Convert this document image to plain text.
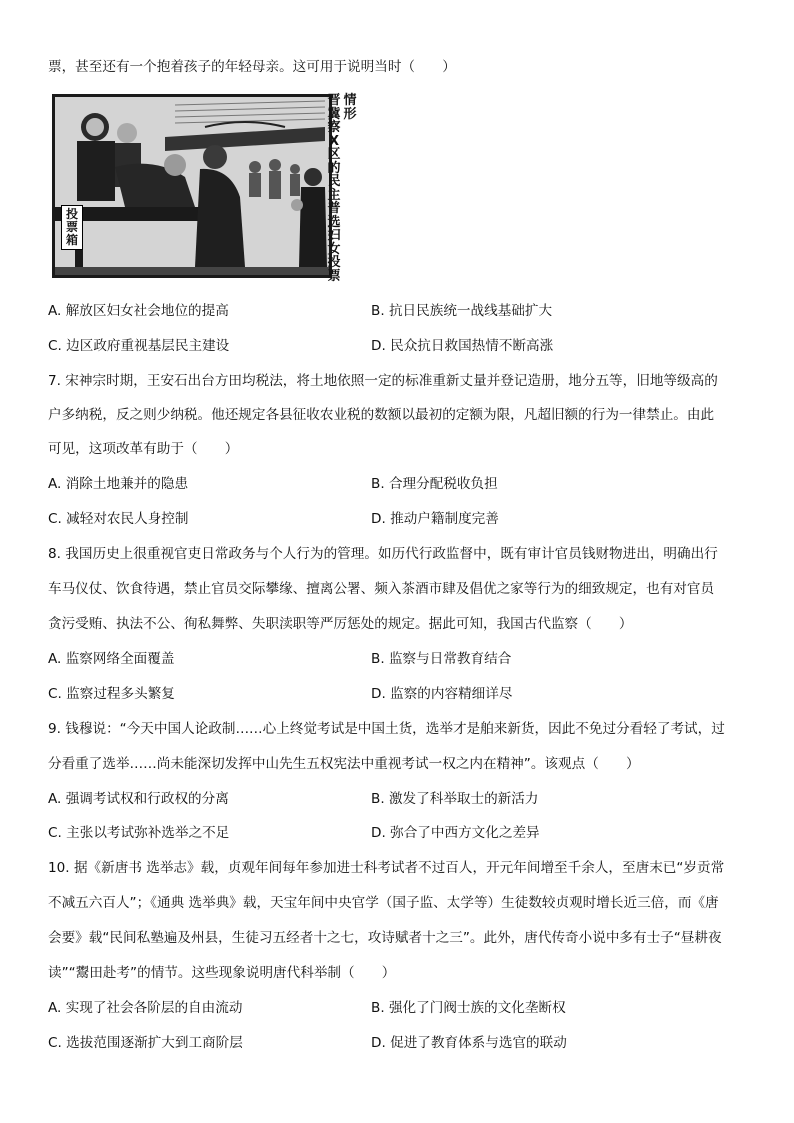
票，甚至还有一个抱着孩子的年轻母亲。这可用于说明当时（　　）
投票箱
情形
晋冀察X区的民主普选妇女投票
A. 解放区妇女社会地位的提高	B. 抗日民族统一战线基础扩大
C. 边区政府重视基层民主建设	D. 民众抗日救国热情不断高涨
7. 宋神宗时期，王安石出台方田均税法，将土地依照一定的标准重新丈量并登记造册，地分五等，旧地等级高的
户多纳税，反之则少纳税。他还规定各县征收农业税的数额以最初的定额为限，凡超旧额的行为一律禁止。由此
可见，这项改革有助于（　　）
A. 消除土地兼并的隐患	B. 合理分配税收负担
C. 减轻对农民人身控制	D. 推动户籍制度完善
8. 我国历史上很重视官吏日常政务与个人行为的管理。如历代行政监督中，既有审计官员钱财物进出，明确出行
车马仪仗、饮食待遇，禁止官员交际攀缘、擅离公署、频入茶酒市肆及倡优之家等行为的细致规定，也有对官员
贪污受贿、执法不公、徇私舞弊、失职渎职等严厉惩处的规定。据此可知，我国古代监察（　　）
A. 监察网络全面覆盖	B. 监察与日常教育结合
C. 监察过程多头繁复	D. 监察的内容精细详尽
9. 钱穆说：“今天中国人论政制……心上终觉考试是中国土货，选举才是舶来新货，因此不免过分看轻了考试，过
分看重了选举……尚未能深切发挥中山先生五权宪法中重视考试一权之内在精神”。该观点（　　）
A. 强调考试权和行政权的分离	B. 激发了科举取士的新活力
C. 主张以考试弥补选举之不足	D. 弥合了中西方文化之差异
10. 据《新唐书 选举志》载，贞观年间每年参加进士科考试者不过百人，开元年间增至千余人，至唐末已“岁贡常
不减五六百人”；《通典 选举典》载，天宝年间中央官学（国子监、太学等）生徒数较贞观时增长近三倍，而《唐
会要》载“民间私塾遍及州县，生徒习五经者十之七，攻诗赋者十之三”。此外，唐代传奇小说中多有士子“昼耕夜
读”“鬻田赴考”的情节。这些现象说明唐代科举制（　　）
A. 实现了社会各阶层的自由流动	B. 强化了门阀士族的文化垄断权
C. 选拔范围逐渐扩大到工商阶层	D. 促进了教育体系与选官的联动
